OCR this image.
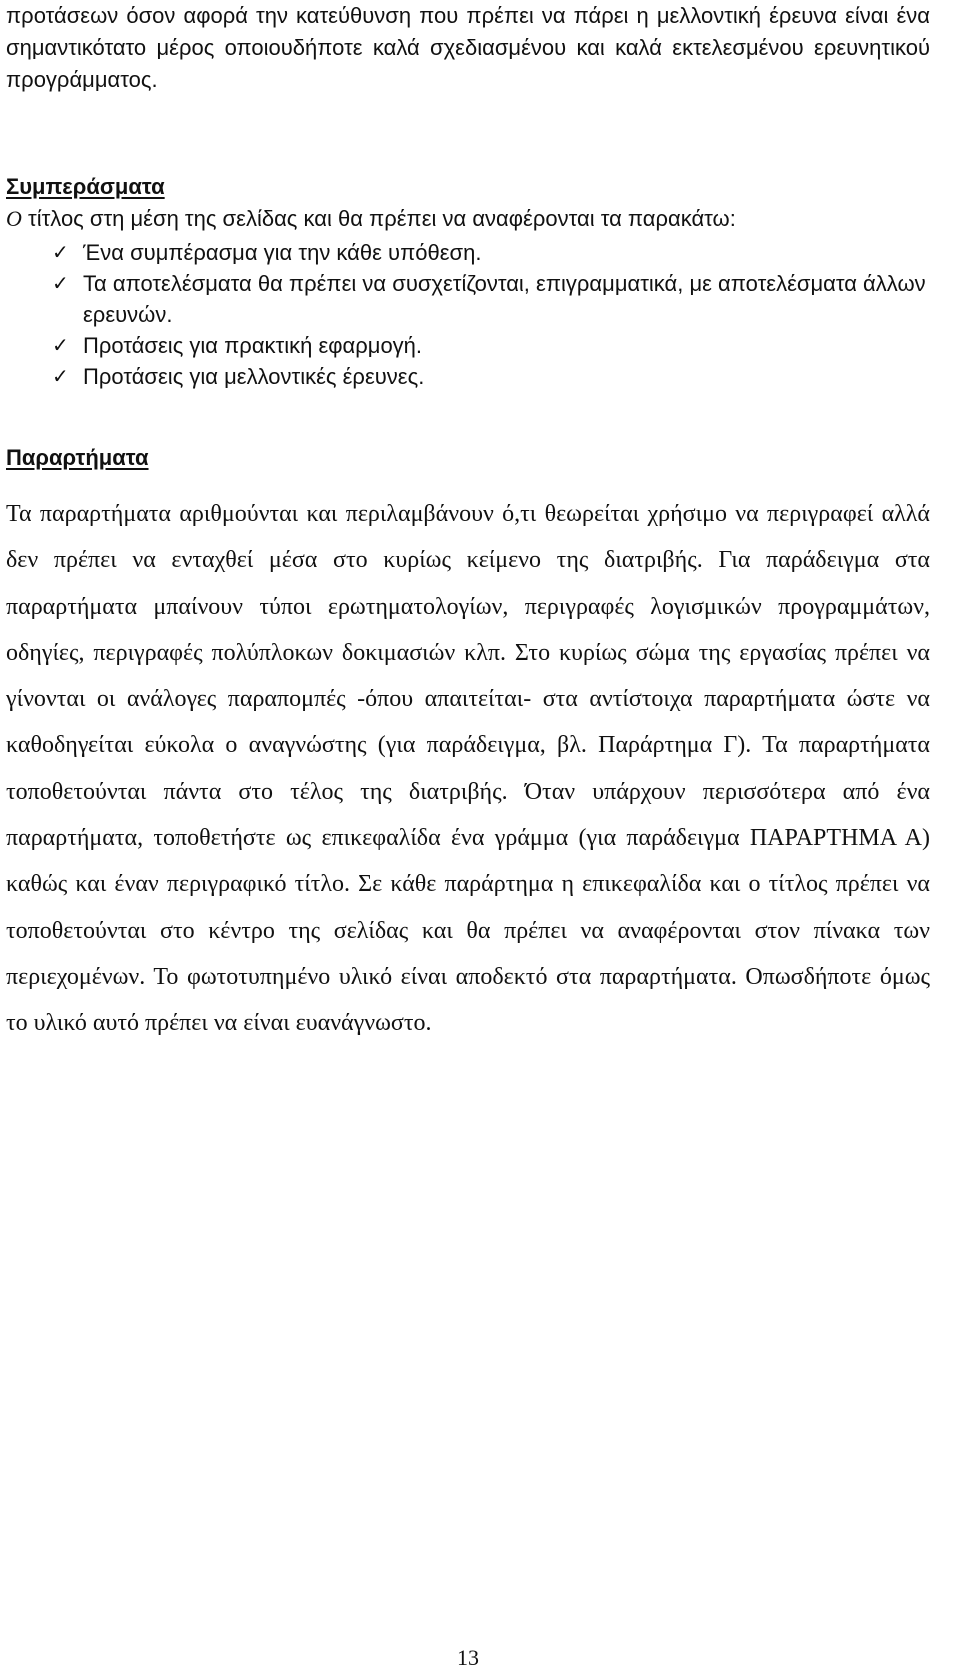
προτάσεων όσον αφορά την κατεύθυνση που πρέπει να πάρει η μελλοντική έρευνα είναι ένα σημαντικότατο μέρος οποιουδήποτε καλά σχεδιασμένου και καλά εκτελεσμένου ερευνητικού προγράμματος.

Συμπεράσματα

Ο τίτλος στη μέση της σελίδας και θα πρέπει να αναφέρονται τα παρακάτω:

✓ Ένα συμπέρασμα για την κάθε υπόθεση.
✓ Τα αποτελέσματα θα πρέπει να συσχετίζονται, επιγραμματικά, με αποτελέσματα άλλων ερευνών.
✓ Προτάσεις για πρακτική εφαρμογή.
✓ Προτάσεις για μελλοντικές έρευνες.
Παραρτήματα

Τα παραρτήματα αριθμούνται και περιλαμβάνουν ό,τι θεωρείται χρήσιμο να περιγραφεί αλλά δεν πρέπει να ενταχθεί μέσα στο κυρίως κείμενο της διατριβής. Για παράδειγμα στα παραρτήματα μπαίνουν τύποι ερωτηματολογίων, περιγραφές λογισμικών προγραμμάτων, οδηγίες, περιγραφές πολύπλοκων δοκιμασιών κλπ. Στο κυρίως σώμα της εργασίας πρέπει να γίνονται οι ανάλογες παραπομπές -όπου απαιτείται- στα αντίστοιχα παραρτήματα ώστε να καθοδηγείται εύκολα ο αναγνώστης (για παράδειγμα, βλ. Παράρτημα Γ). Τα παραρτήματα τοποθετούνται πάντα στο τέλος της διατριβής. Όταν υπάρχουν περισσότερα από ένα παραρτήματα, τοποθετήστε ως επικεφαλίδα ένα γράμμα (για παράδειγμα ΠΑΡΑΡΤΗΜΑ Α) καθώς και έναν περιγραφικό τίτλο. Σε κάθε παράρτημα η επικεφαλίδα και ο τίτλος πρέπει να τοποθετούνται στο κέντρο της σελίδας και θα πρέπει να αναφέρονται στον πίνακα των περιεχομένων. Το φωτοτυπημένο υλικό είναι αποδεκτό στα παραρτήματα. Οπωσδήποτε όμως το υλικό αυτό πρέπει να είναι ευανάγνωστο.

13
